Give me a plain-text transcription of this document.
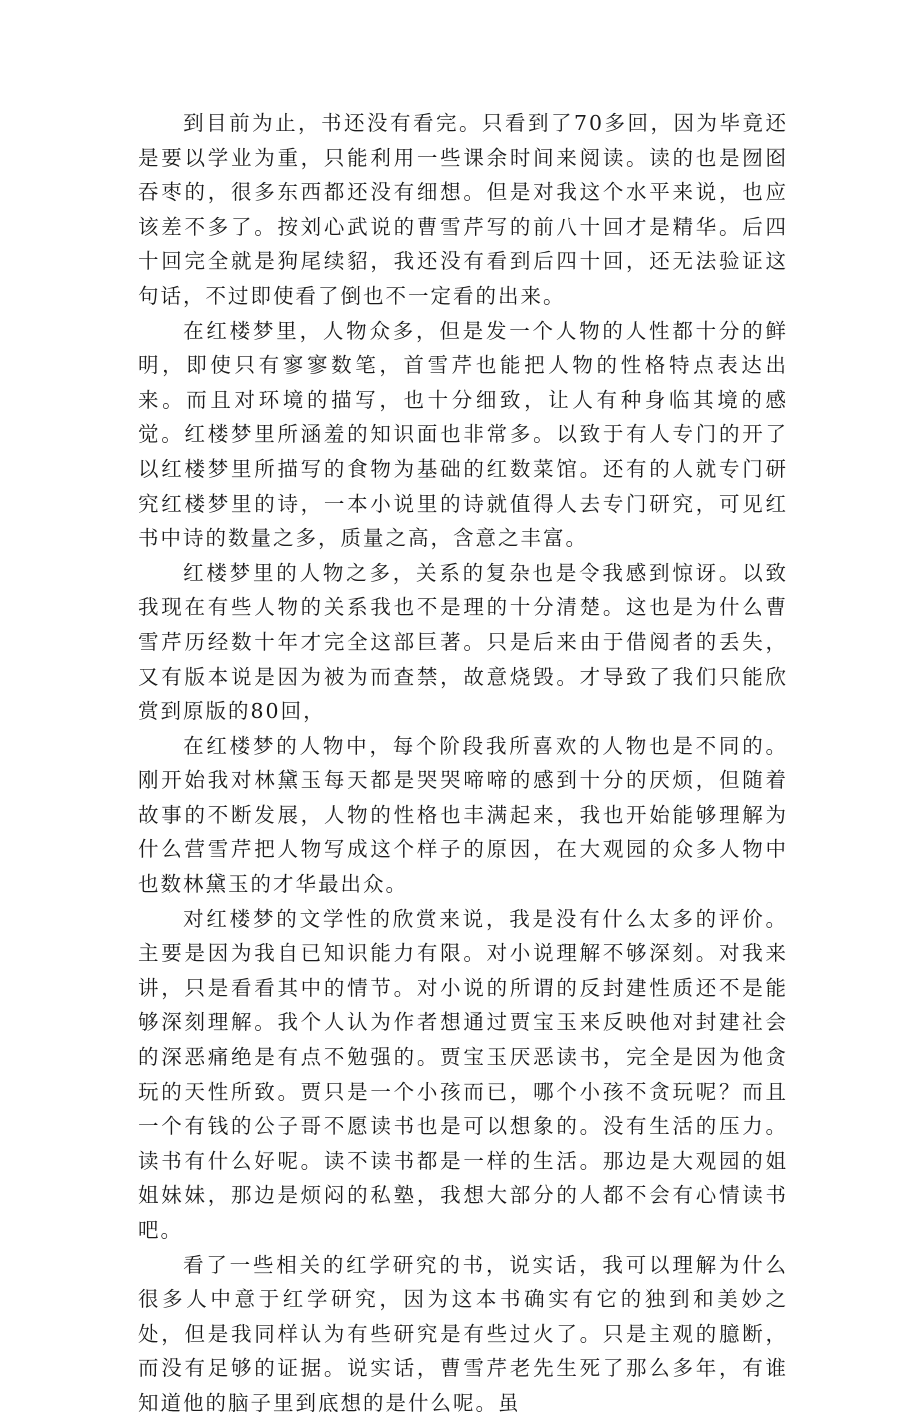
到目前为止，书还没有看完。只看到了70多回，因为毕竟还是要以学业为重，只能利用一些课余时间来阅读。读的也是囫囵吞枣的，很多东西都还没有细想。但是对我这个水平来说，也应该差不多了。按刘心武说的曹雪芹写的前八十回才是精华。后四十回完全就是狗尾续貂，我还没有看到后四十回，还无法验证这句话，不过即使看了倒也不一定看的出来。

在红楼梦里，人物众多，但是发一个人物的人性都十分的鲜明，即使只有寥寥数笔，首雪芹也能把人物的性格特点表达出来。而且对环境的描写，也十分细致，让人有种身临其境的感觉。红楼梦里所涵羞的知识面也非常多。以致于有人专门的开了以红楼梦里所描写的食物为基础的红数菜馆。还有的人就专门研究红楼梦里的诗，一本小说里的诗就值得人去专门研究，可见红书中诗的数量之多，质量之高，含意之丰富。

红楼梦里的人物之多，关系的复杂也是令我感到惊讶。以致我现在有些人物的关系我也不是理的十分清楚。这也是为什么曹雪芹历经数十年才完全这部巨著。只是后来由于借阅者的丢失，又有版本说是因为被为而查禁，故意烧毁。才导致了我们只能欣赏到原版的80回，

在红楼梦的人物中，每个阶段我所喜欢的人物也是不同的。刚开始我对林黛玉每天都是哭哭啼啼的感到十分的厌烦，但随着故事的不断发展，人物的性格也丰满起来，我也开始能够理解为什么营雪芹把人物写成这个样子的原因，在大观园的众多人物中也数林黛玉的才华最出众。

对红楼梦的文学性的欣赏来说，我是没有什么太多的评价。主要是因为我自已知识能力有限。对小说理解不够深刻。对我来讲，只是看看其中的情节。对小说的所谓的反封建性质还不是能够深刻理解。我个人认为作者想通过贾宝玉来反映他对封建社会的深恶痛绝是有点不勉强的。贾宝玉厌恶读书，完全是因为他贪玩的天性所致。贾只是一个小孩而已，哪个小孩不贪玩呢？而且一个有钱的公子哥不愿读书也是可以想象的。没有生活的压力。读书有什么好呢。读不读书都是一样的生活。那边是大观园的姐姐妹妹，那边是烦闷的私塾，我想大部分的人都不会有心情读书吧。

看了一些相关的红学研究的书，说实话，我可以理解为什么很多人中意于红学研究，因为这本书确实有它的独到和美妙之处，但是我同样认为有些研究是有些过火了。只是主观的臆断，而没有足够的证据。说实话，曹雪芹老先生死了那么多年，有谁知道他的脑子里到底想的是什么呢。虽
